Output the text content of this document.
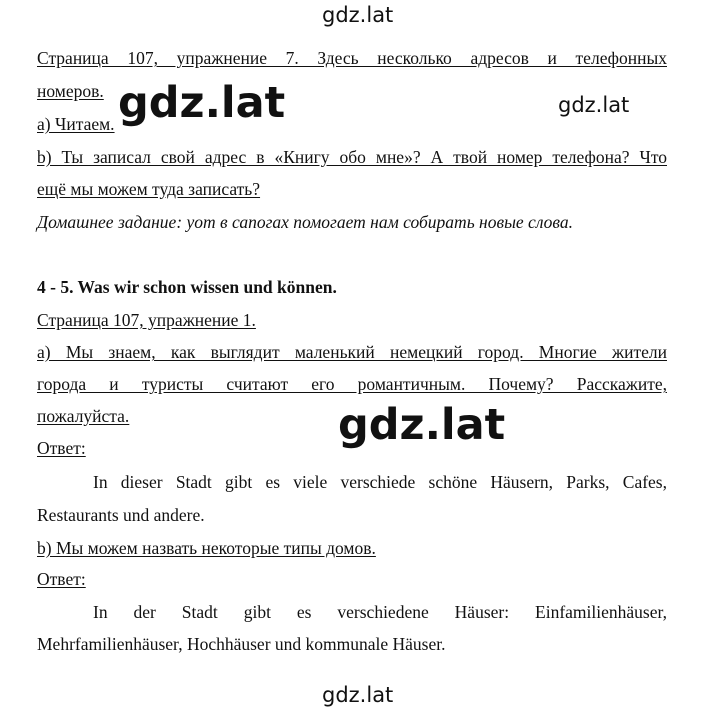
gdz.lat
gdz.lat	gdz.lat
gdz.lat
gdz.lat
Страница 107, упражнение 7. Здесь несколько адресов и телефонных
номеров.
а) Читаем.
b) Ты записал свой адрес в «Книгу обо мне»? А твой номер телефона? Что
ещё мы можем туда записать?
Домашнее задание: уот в сапогах помогает нам собирать новые слова.
4 - 5. Was wir schon wissen und können.
Страница 107, упражнение 1.
а) Мы знаем, как выглядит маленький немецкий город. Многие жители
города и туристы считают его романтичным. Почему? Расскажите,
пожалуйста.
Ответ:
In dieser Stadt gibt es viele verschiede schöne Häusern, Parks, Cafes,
Restaurants und andere.
b) Мы можем назвать некоторые типы домов.
Ответ:
In der Stadt gibt es verschiedene Häuser: Einfamilienhäuser,
Mehrfamilienhäuser, Hochhäuser und kommunale Häuser.
